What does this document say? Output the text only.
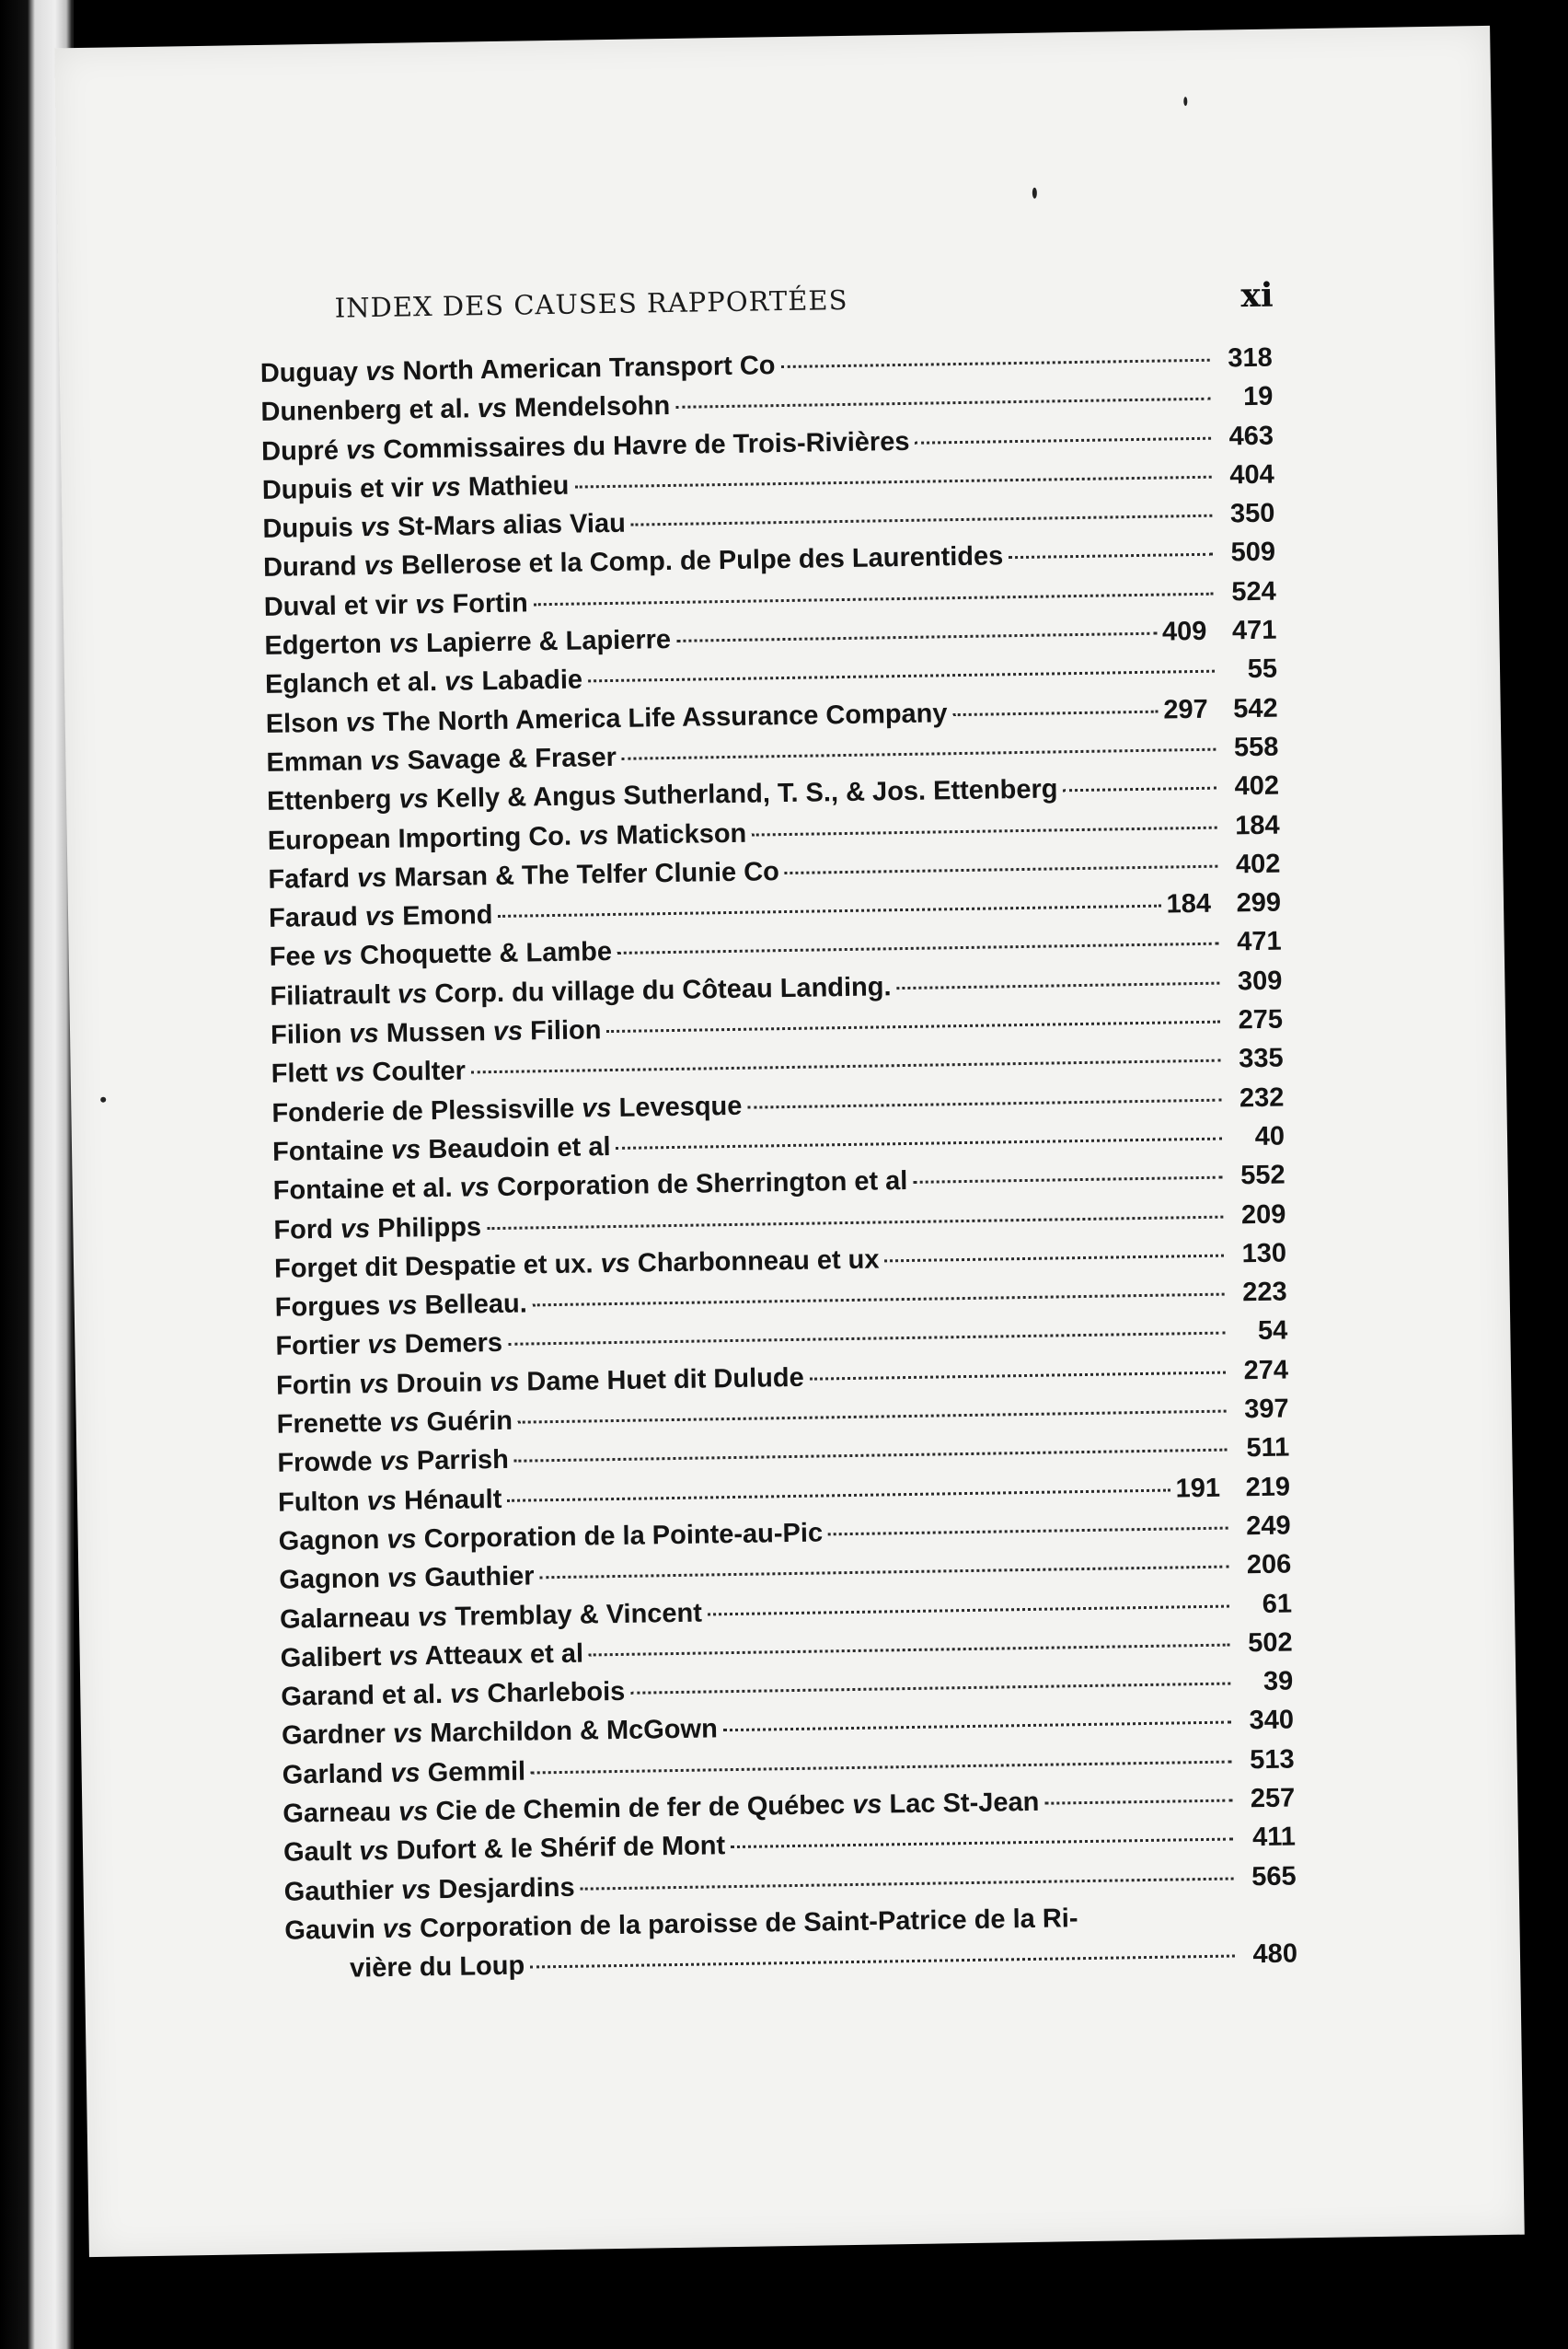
INDEX DES CAUSES RAPPORTÉES	xi
Duguay vs North American Transport Co	318
Dunenberg et al. vs Mendelsohn	19
Dupré vs Commissaires du Havre de Trois-Rivières	463
Dupuis et vir vs Mathieu	404
Dupuis vs St-Mars alias Viau	350
Durand vs Bellerose et la Comp. de Pulpe des Laurentides	509
Duval et vir vs Fortin	524
Edgerton vs Lapierre & Lapierre	409 471
Eglanch et al. vs Labadie	55
Elson vs The North America Life Assurance Company	297 542
Emman vs Savage & Fraser	558
Ettenberg vs Kelly & Angus Sutherland, T. S., & Jos. Ettenberg	402
European Importing Co. vs Matickson	184
Fafard vs Marsan & The Telfer Clunie Co	402
Faraud vs Emond	184 299
Fee vs Choquette & Lambe	471
Filiatrault vs Corp. du village du Côteau Landing.	309
Filion vs Mussen vs Filion	275
Flett vs Coulter	335
Fonderie de Plessisville vs Levesque	232
Fontaine vs Beaudoin et al	40
Fontaine et al. vs Corporation de Sherrington et al	552
Ford vs Philipps	209
Forget dit Despatie et ux. vs Charbonneau et ux	130
Forgues vs Belleau.	223
Fortier vs Demers	54
Fortin vs Drouin vs Dame Huet dit Dulude	274
Frenette vs Guérin	397
Frowde vs Parrish	511
Fulton vs Hénault	191 219
Gagnon vs Corporation de la Pointe-au-Pic	249
Gagnon vs Gauthier	206
Galarneau vs Tremblay & Vincent	61
Galibert vs Atteaux et al	502
Garand et al. vs Charlebois	39
Gardner vs Marchildon & McGown	340
Garland vs Gemmil	513
Garneau vs Cie de Chemin de fer de Québec vs Lac St-Jean	257
Gault vs Dufort & le Shérif de Mont	411
Gauthier vs Desjardins	565
Gauvin vs Corporation de la paroisse de Saint-Patrice de la Ri-
vière du Loup	480
